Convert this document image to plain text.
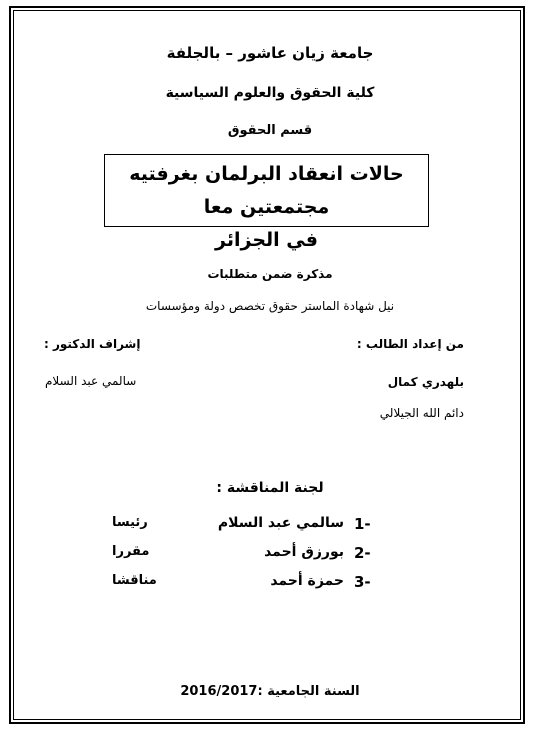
جامعة زيان عاشور – بالجلفة
كلية الحقوق والعلوم السياسية
قسم الحقوق
حالات انعقاد البرلمان بغرفتيه مجتمعتين معا
في الجزائر
مذكرة ضمن متطلبات
نيل شهادة الماستر حقوق تخصص دولة ومؤسسات
من إعداد الطالب :
إشراف الدكتور :
بلهدري كمال
سالمي عبد السلام
دائم الله الجيلالي
لجنة المناقشة :
1-
سالمي عبد السلام
رئيسا
2-
بورزق أحمد
مقررا
3-
حمزة أحمد
مناقشا
السنة الجامعية :2016/2017
